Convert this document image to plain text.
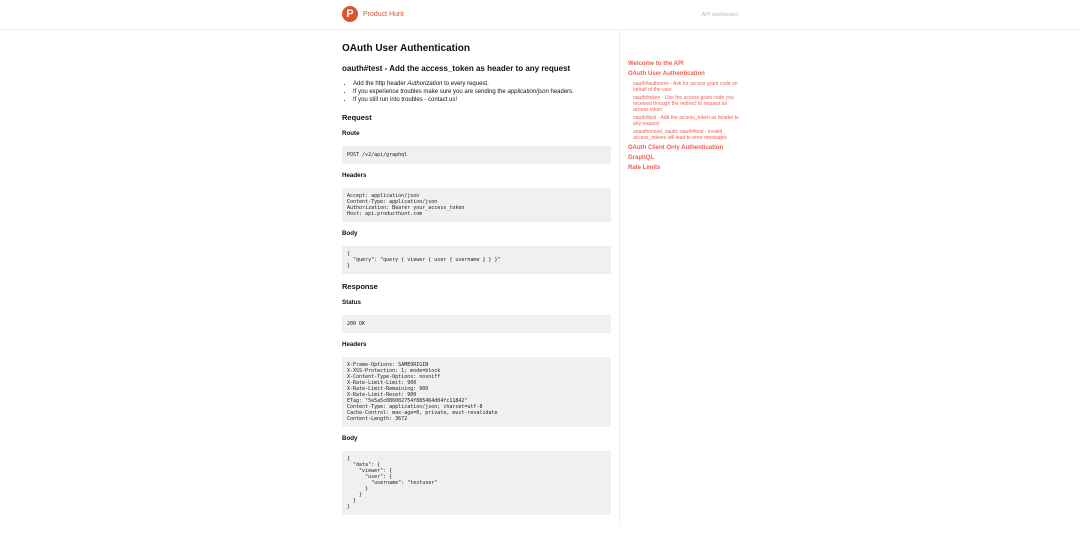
P	Product Hunt	API dashboard
OAuth User Authentication
oauth#test - Add the access_token as header to any request
• Add the http header Authorization to every request.
• If you experience troubles make sure you are sending the application/json headers.
• If you still run into troubles - contact us!
Request
Route
POST /v2/api/graphql
Headers
Accept: application/json
Content-Type: application/json
Authorization: Bearer your_access_token
Host: api.producthunt.com
Body
{
"query": "query { viewer { user { username } } }"
}
Response
Status
200 OK
Headers
X-Frame-Options: SAMEORIGIN
X-XSS-Protection: 1; mode=block
X-Content-Type-Options: nosniff
X-Rate-Limit-Limit: 900
X-Rate-Limit-Remaining: 900
X-Rate-Limit-Reset: 900
ETag: "5e5a5c086002754f885464d04fc11842"
Content-Type: application/json; charset=utf-8
Cache-Control: max-age=0, private, must-revalidate
Content-Length: 3672
Body
{
"data": {
"viewer": {
"user": {
"username": "testuser"
}
}
}
}
Welcome to the API
OAuth User Authentication
oauth#authorize - Ask for access grant code on behalf of the user
oauth#token - Use the access grant code you received through the redirect to request an access token
oauth#test - Add the access_token as header to any request
unauthorized_oauth: oauth#test - Invalid access_tokens will lead to error messages
OAuth Client Only Authentication
GraphQL
Rate Limits
